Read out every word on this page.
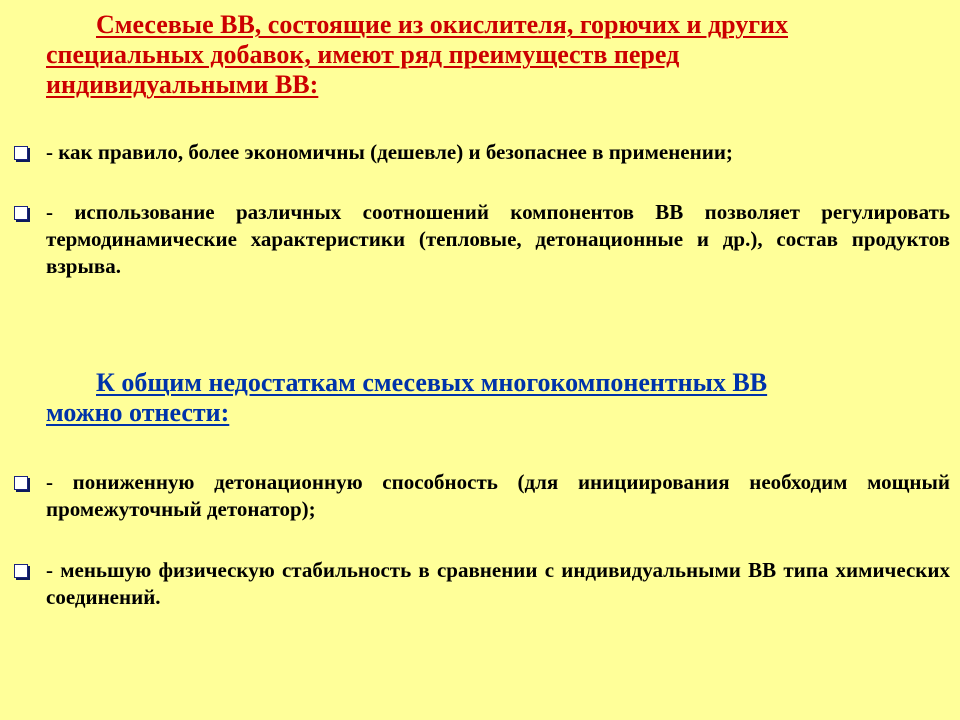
Смесевые ВВ, состоящие из окислителя, горючих и других
специальных добавок, имеют ряд преимуществ перед
индивидуальными ВВ:
- как правило, более экономичны (дешевле) и безопаснее в применении;
- использование различных соотношений компонентов ВВ позволяет регулировать термодинамические характеристики (тепловые, детонационные и др.), состав продуктов взрыва.
К общим недостаткам смесевых многокомпонентных ВВ
можно отнести:
- пониженную детонационную способность (для инициирования необходим мощный промежуточный детонатор);
- меньшую физическую стабильность в сравнении с индивидуальными ВВ типа химических соединений.
